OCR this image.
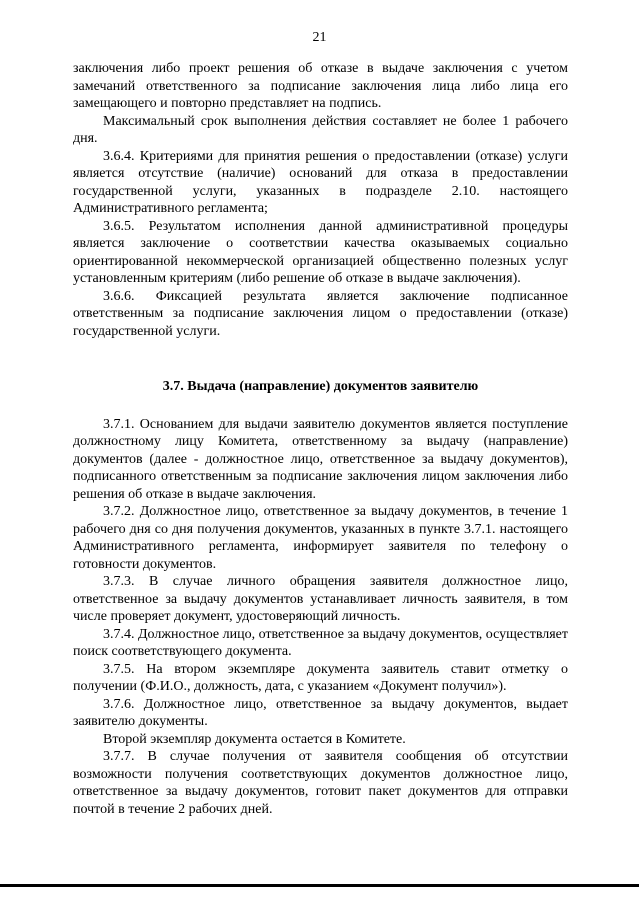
21

заключения либо проект решения об отказе в выдаче заключения с учетом замечаний ответственного за подписание заключения лица либо лица его замещающего и повторно представляет на подпись.

Максимальный срок выполнения действия составляет не более 1 рабочего дня.

3.6.4. Критериями для принятия решения о предоставлении (отказе) услуги является отсутствие (наличие) оснований для отказа в предоставлении государственной услуги, указанных в подразделе 2.10. настоящего Административного регламента;

3.6.5. Результатом исполнения данной административной процедуры является заключение о соответствии качества оказываемых социально ориентированной некоммерческой организацией общественно полезных услуг установленным критериям (либо решение об отказе в выдаче заключения).

3.6.6. Фиксацией результата является заключение подписанное ответственным за подписание заключения лицом о предоставлении (отказе) государственной услуги.

3.7. Выдача (направление) документов заявителю

3.7.1. Основанием для выдачи заявителю документов является поступление должностному лицу Комитета, ответственному за выдачу (направление) документов (далее - должностное лицо, ответственное за выдачу документов), подписанного ответственным за подписание заключения лицом заключения либо решения об отказе в выдаче заключения.

3.7.2. Должностное лицо, ответственное за выдачу документов, в течение 1 рабочего дня со дня получения документов, указанных в пункте 3.7.1. настоящего Административного регламента, информирует заявителя по телефону о готовности документов.

3.7.3. В случае личного обращения заявителя должностное лицо, ответственное за выдачу документов устанавливает личность заявителя, в том числе проверяет документ, удостоверяющий личность.

3.7.4. Должностное лицо, ответственное за выдачу документов, осуществляет поиск соответствующего документа.

3.7.5. На втором экземпляре документа заявитель ставит отметку о получении (Ф.И.О., должность, дата, с указанием «Документ получил»).

3.7.6. Должностное лицо, ответственное за выдачу документов, выдает заявителю документы.

Второй экземпляр документа остается в Комитете.

3.7.7. В случае получения от заявителя сообщения об отсутствии возможности получения соответствующих документов должностное лицо, ответственное за выдачу документов, готовит пакет документов для отправки почтой в течение 2 рабочих дней.
